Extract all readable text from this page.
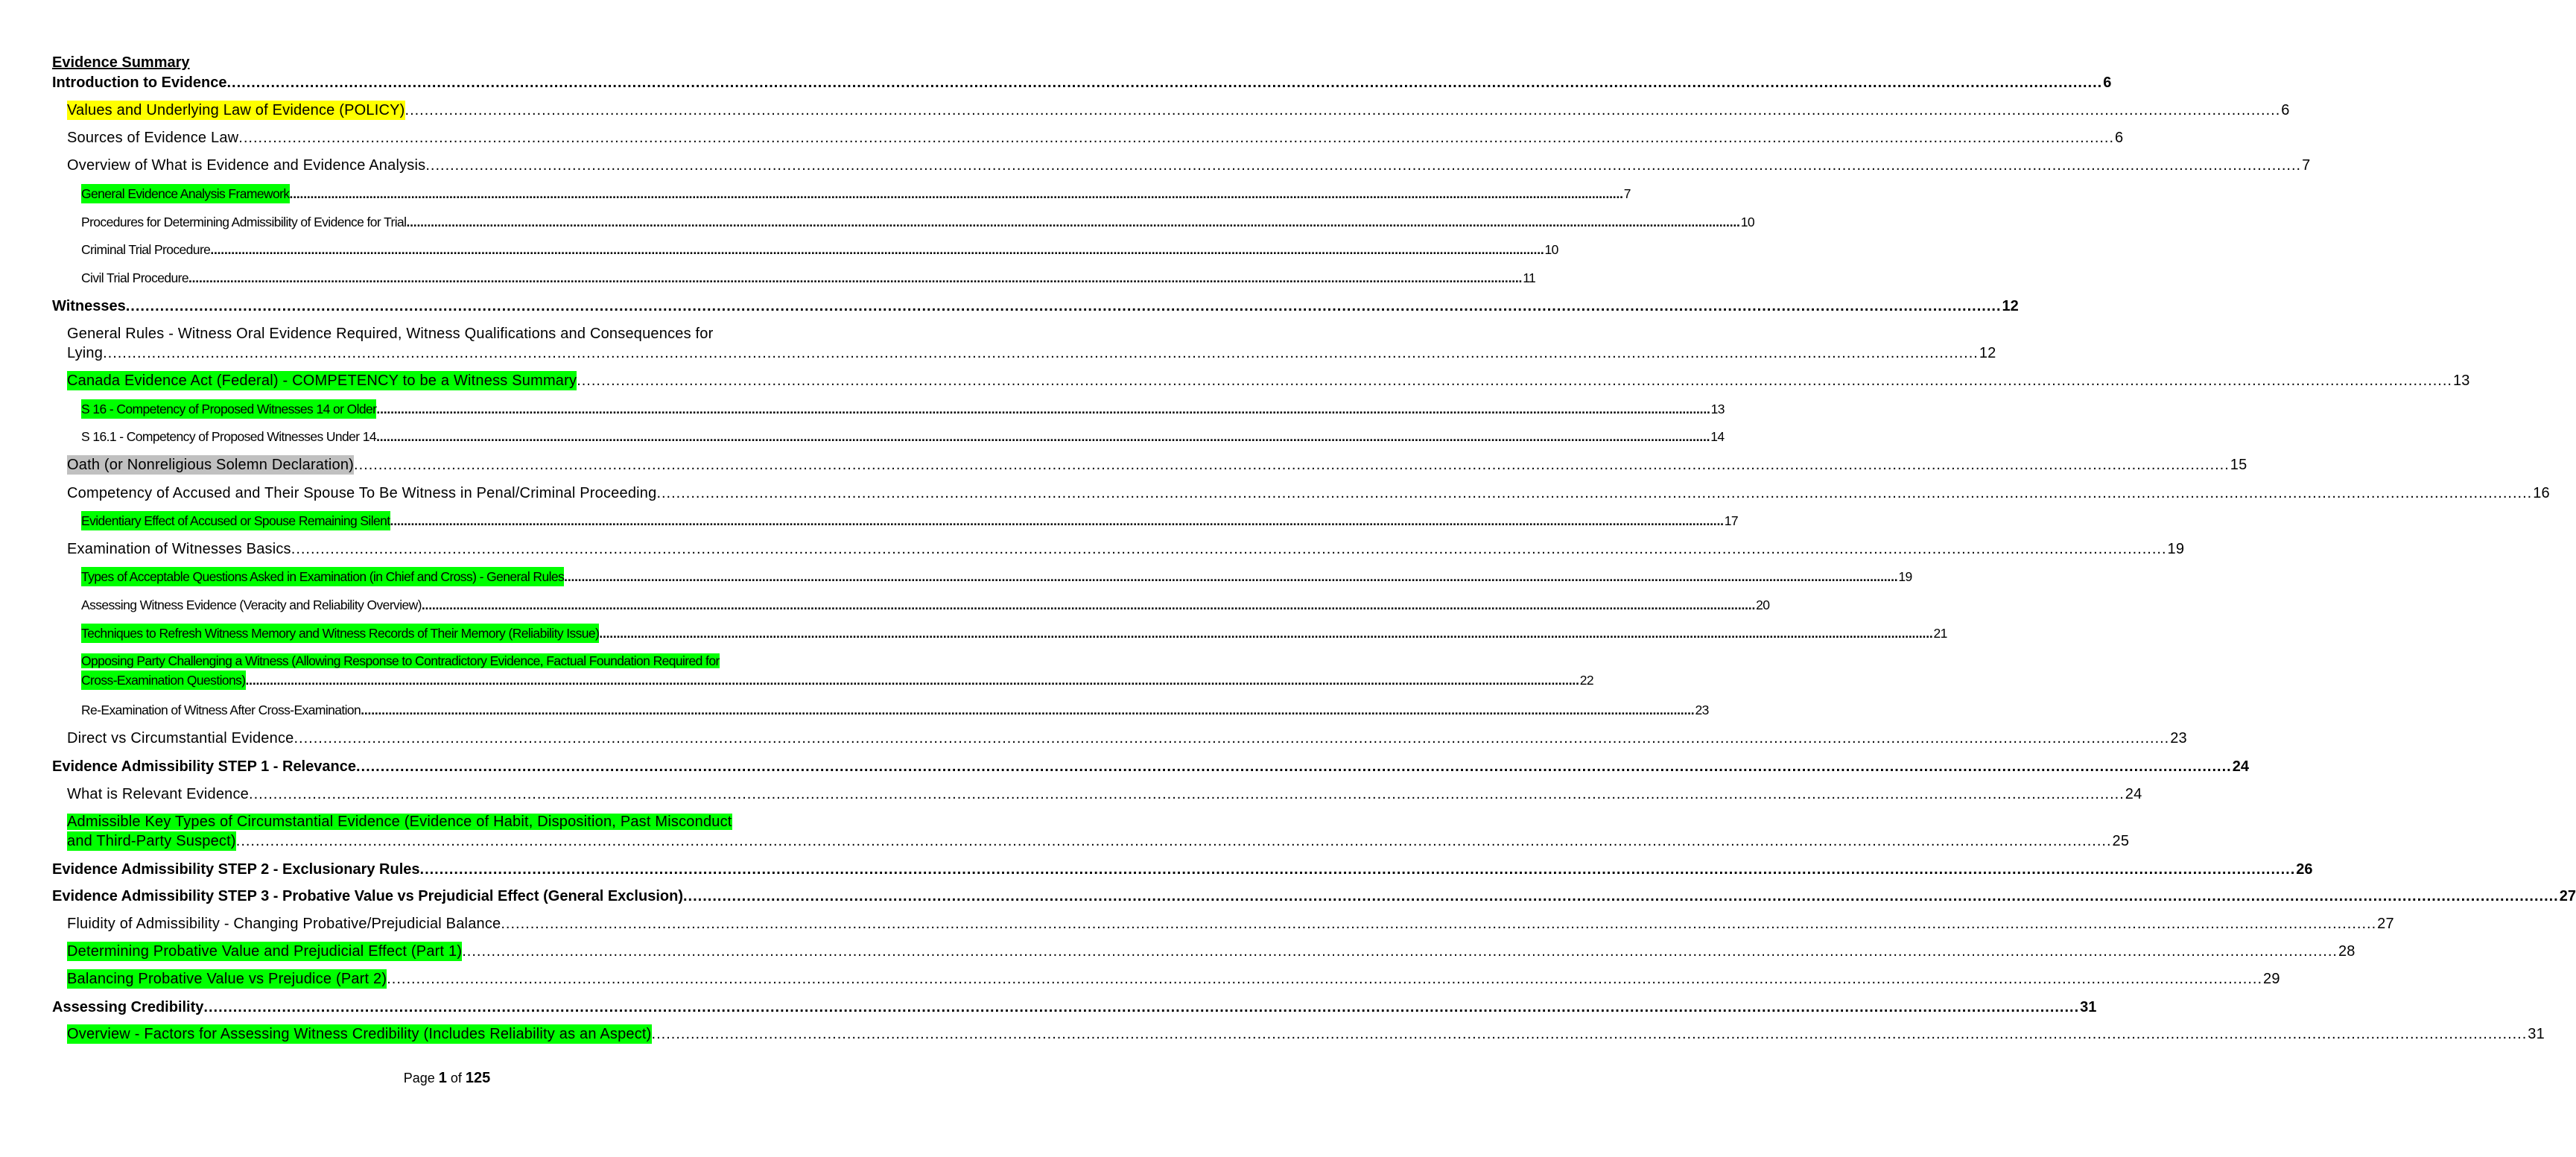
Evidence Summary
Introduction to Evidence .....	6
Values and Underlying Law of Evidence (POLICY) .....	6
Sources of Evidence Law .....	6
Overview of What is Evidence and Evidence Analysis .....	7
General Evidence Analysis Framework .....	7
Procedures for Determining Admissibility of Evidence for Trial .....	10
Criminal Trial Procedure .....	10
Civil Trial Procedure .....	11
Witnesses .....	12
General Rules - Witness Oral Evidence Required, Witness Qualifications and Consequences for
Lying .....	12
Canada Evidence Act (Federal) - COMPETENCY to be a Witness Summary .....	13
S 16 - Competency of Proposed Witnesses 14 or Older .....	13
S 16.1 - Competency of Proposed Witnesses Under 14 .....	14
Oath (or Nonreligious Solemn Declaration) .....	15
Competency of Accused and Their Spouse To Be Witness in Penal/Criminal Proceeding .....	16
Evidentiary Effect of Accused or Spouse Remaining Silent .....	17
Examination of Witnesses Basics .....	19
Types of Acceptable Questions Asked in Examination (in Chief and Cross) - General Rules .....	19
Assessing Witness Evidence (Veracity and Reliability Overview) .....	20
Techniques to Refresh Witness Memory and Witness Records of Their Memory (Reliability Issue) .....	21
Opposing Party Challenging a Witness (Allowing Response to Contradictory Evidence, Factual Foundation Required for
Cross-Examination Questions) .....	22
Re-Examination of Witness After Cross-Examination .....	23
Direct vs Circumstantial Evidence .....	23
Evidence Admissibility STEP 1 - Relevance .....	24
What is Relevant Evidence .....	24
Admissible Key Types of Circumstantial Evidence (Evidence of Habit, Disposition, Past Misconduct
and Third-Party Suspect) .....	25
Evidence Admissibility STEP 2 - Exclusionary Rules .....	26
Evidence Admissibility STEP 3 - Probative Value vs Prejudicial Effect (General Exclusion) .....	27
Fluidity of Admissibility - Changing Probative/Prejudicial Balance .....	27
Determining Probative Value and Prejudicial Effect (Part 1) .....	28
Balancing Probative Value vs Prejudice (Part 2) .....	29
Assessing Credibility .....	31
Overview - Factors for Assessing Witness Credibility (Includes Reliability as an Aspect) .....	31
Page 1 of 125
